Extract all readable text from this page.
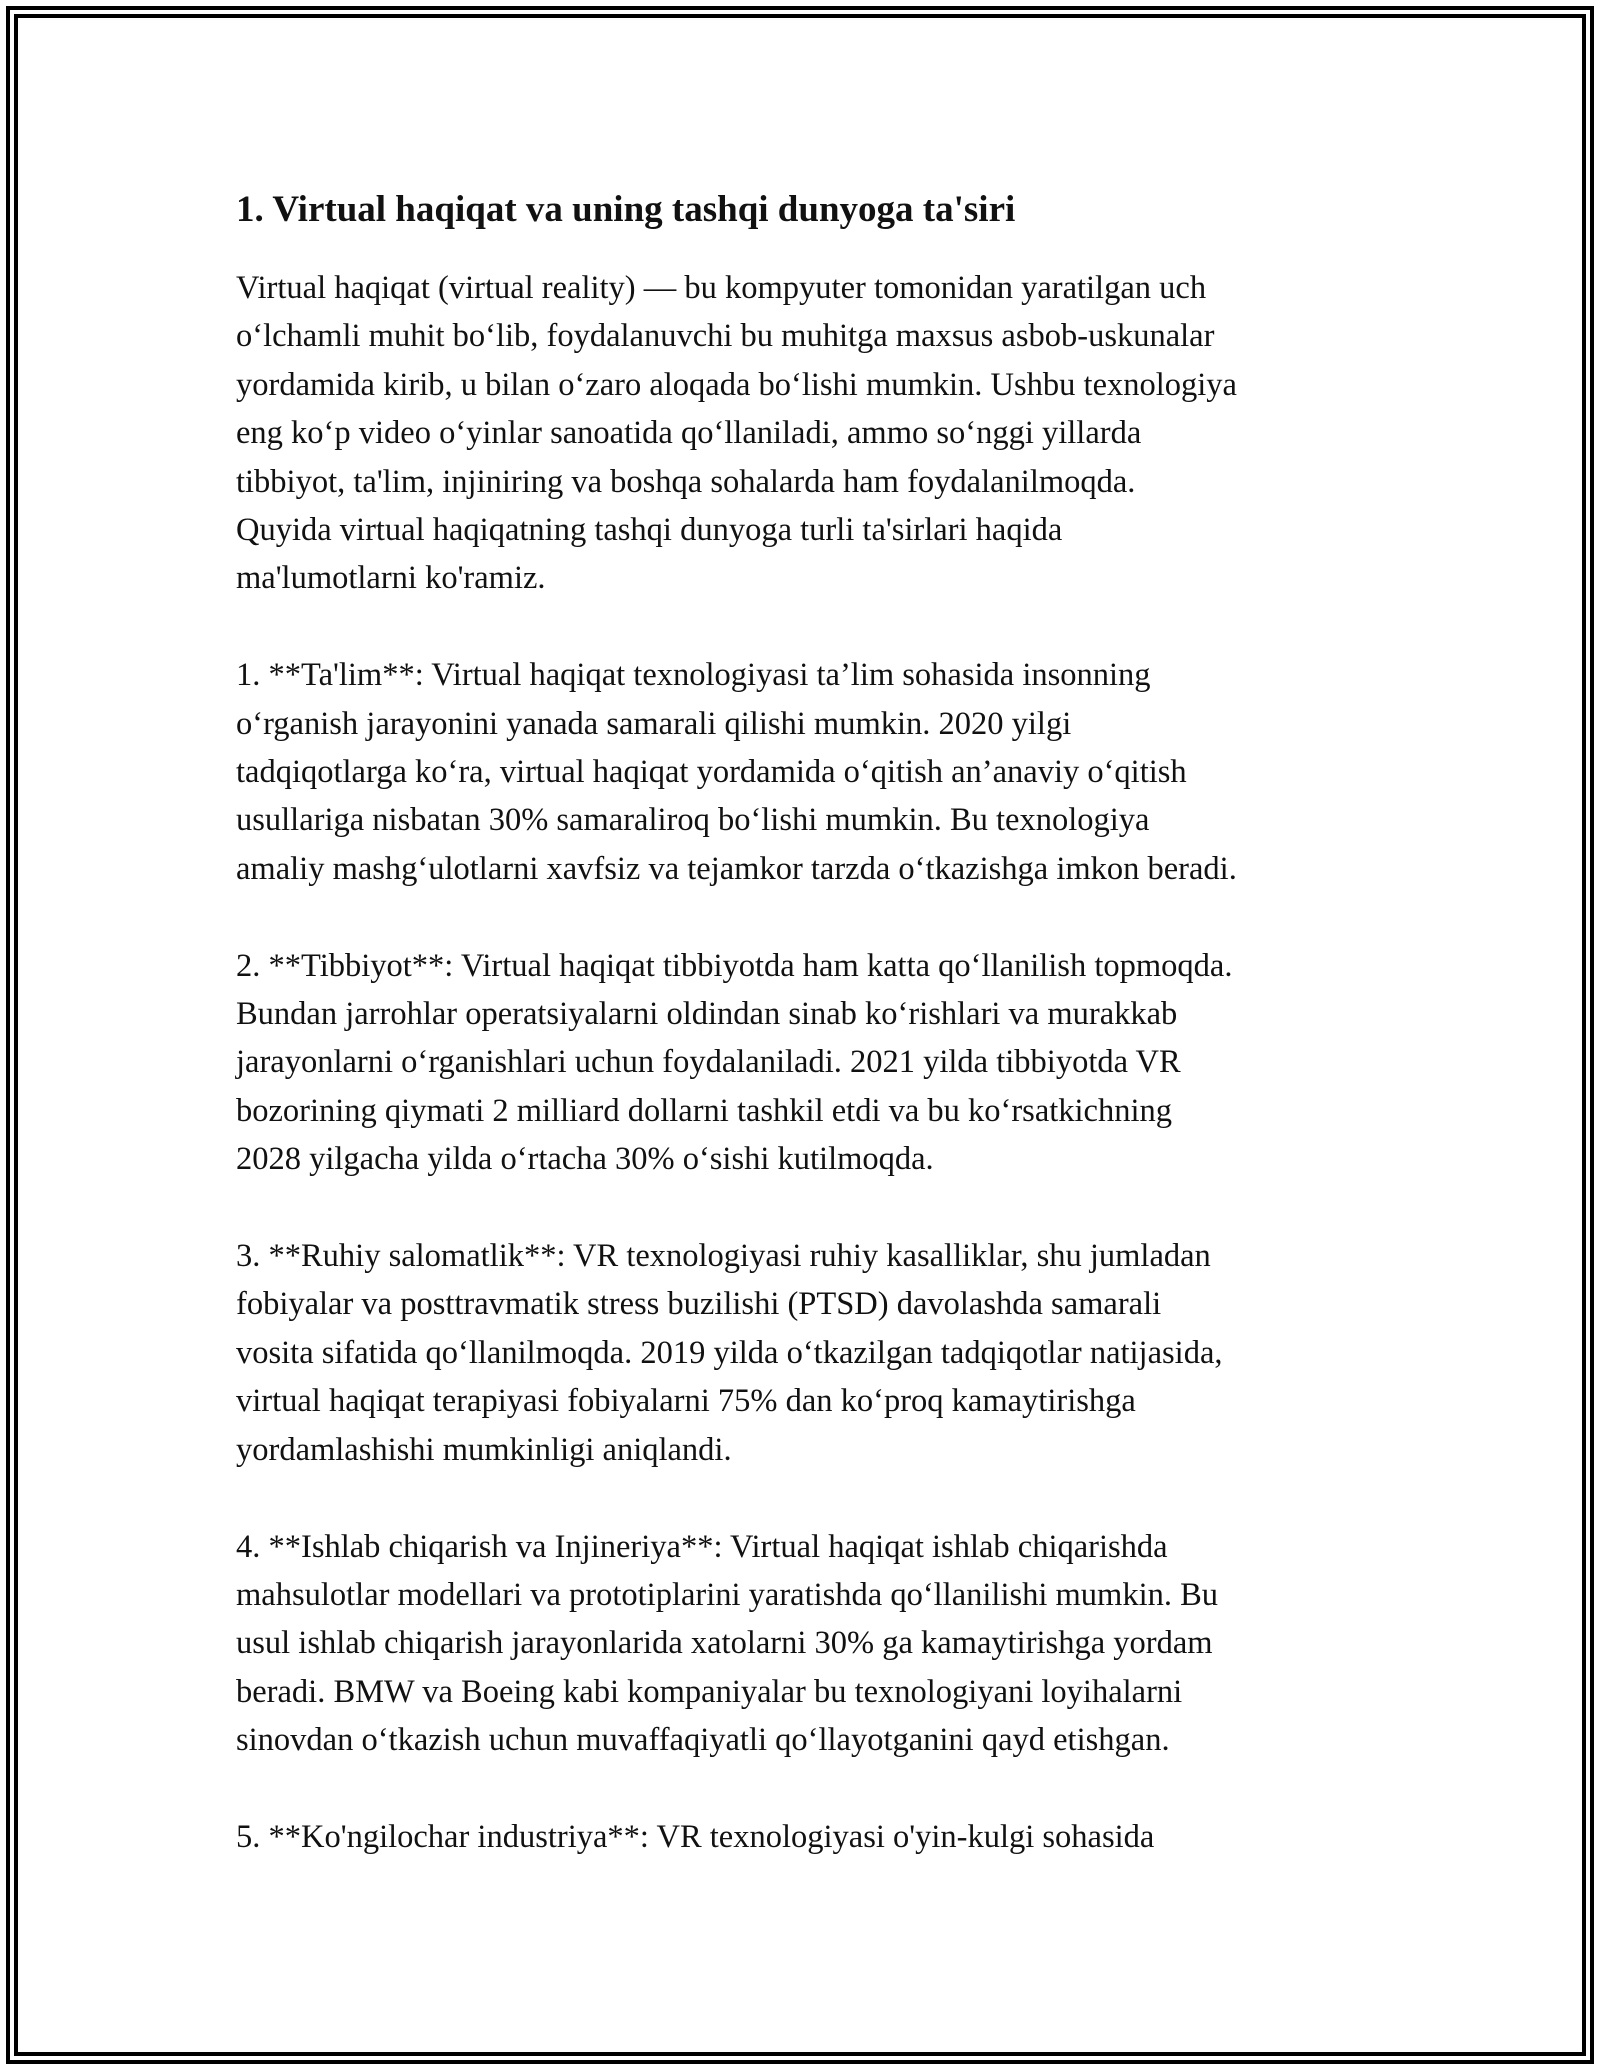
1. Virtual haqiqat va uning tashqi dunyoga ta'siri

Virtual haqiqat (virtual reality) — bu kompyuter tomonidan yaratilgan uch
o‘lchamli muhit bo‘lib, foydalanuvchi bu muhitga maxsus asbob-uskunalar
yordamida kirib, u bilan o‘zaro aloqada bo‘lishi mumkin. Ushbu texnologiya
eng ko‘p video o‘yinlar sanoatida qo‘llaniladi, ammo so‘nggi yillarda
tibbiyot, ta'lim, injiniring va boshqa sohalarda ham foydalanilmoqda.
Quyida virtual haqiqatning tashqi dunyoga turli ta'sirlari haqida
ma'lumotlarni ko'ramiz.

1. **Ta'lim**: Virtual haqiqat texnologiyasi ta’lim sohasida insonning
o‘rganish jarayonini yanada samarali qilishi mumkin. 2020 yilgi
tadqiqotlarga ko‘ra, virtual haqiqat yordamida o‘qitish an’anaviy o‘qitish
usullariga nisbatan 30% samaraliroq bo‘lishi mumkin. Bu texnologiya
amaliy mashg‘ulotlarni xavfsiz va tejamkor tarzda o‘tkazishga imkon beradi.

2. **Tibbiyot**: Virtual haqiqat tibbiyotda ham katta qo‘llanilish topmoqda.
Bundan jarrohlar operatsiyalarni oldindan sinab ko‘rishlari va murakkab
jarayonlarni o‘rganishlari uchun foydalaniladi. 2021 yilda tibbiyotda VR
bozorining qiymati 2 milliard dollarni tashkil etdi va bu ko‘rsatkichning
2028 yilgacha yilda o‘rtacha 30% o‘sishi kutilmoqda.

3. **Ruhiy salomatlik**: VR texnologiyasi ruhiy kasalliklar, shu jumladan
fobiyalar va posttravmatik stress buzilishi (PTSD) davolashda samarali
vosita sifatida qo‘llanilmoqda. 2019 yilda o‘tkazilgan tadqiqotlar natijasida,
virtual haqiqat terapiyasi fobiyalarni 75% dan ko‘proq kamaytirishga
yordamlashishi mumkinligi aniqlandi.

4. **Ishlab chiqarish va Injineriya**: Virtual haqiqat ishlab chiqarishda
mahsulotlar modellari va prototiplarini yaratishda qo‘llanilishi mumkin. Bu
usul ishlab chiqarish jarayonlarida xatolarni 30% ga kamaytirishga yordam
beradi. BMW va Boeing kabi kompaniyalar bu texnologiyani loyihalarni
sinovdan o‘tkazish uchun muvaffaqiyatli qo‘llayotganini qayd etishgan.

5. **Ko'ngilochar industriya**: VR texnologiyasi o'yin-kulgi sohasida
